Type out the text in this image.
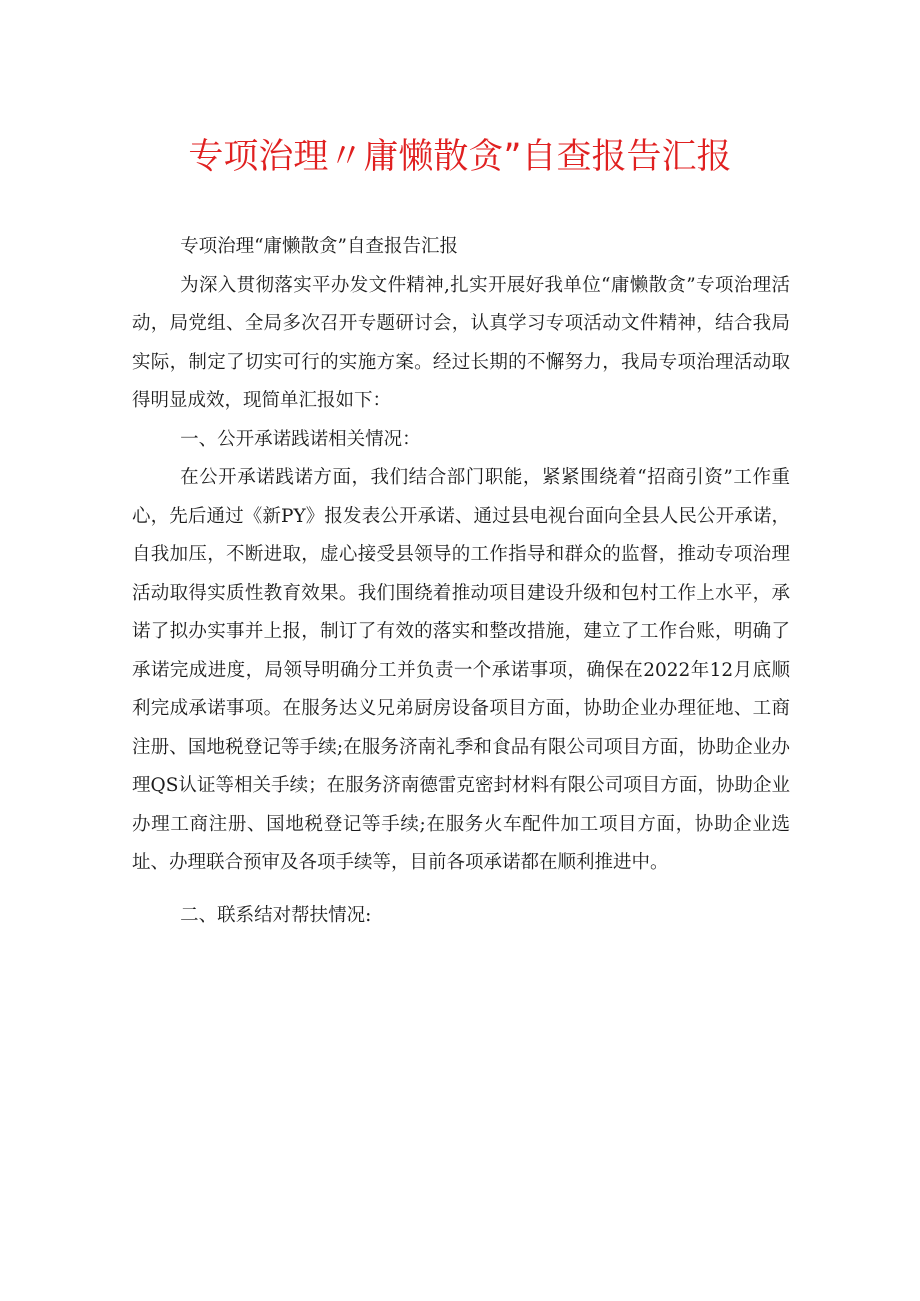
专项治理〃庸懒散贪”自查报告汇报

专项治理“庸懒散贪”自查报告汇报

为深入贯彻落实平办发文件精神,扎实开展好我单位“庸懒散贪”专项治理活动，局党组、全局多次召开专题研讨会，认真学习专项活动文件精神，结合我局实际，制定了切实可行的实施方案。经过长期的不懈努力，我局专项治理活动取得明显成效，现简单汇报如下：

一、公开承诺践诺相关情况：

在公开承诺践诺方面，我们结合部门职能，紧紧围绕着“招商引资”工作重心，先后通过《新PY》报发表公开承诺、通过县电视台面向全县人民公开承诺，自我加压，不断进取，虚心接受县领导的工作指导和群众的监督，推动专项治理活动取得实质性教育效果。我们围绕着推动项目建设升级和包村工作上水平，承诺了拟办实事并上报，制订了有效的落实和整改措施，建立了工作台账，明确了承诺完成进度，局领导明确分工并负责一个承诺事项，确保在2022年12月底顺利完成承诺事项。在服务达义兄弟厨房设备项目方面，协助企业办理征地、工商注册、国地税登记等手续;在服务济南礼季和食品有限公司项目方面，协助企业办理QS认证等相关手续；在服务济南德雷克密封材料有限公司项目方面，协助企业办理工商注册、国地税登记等手续;在服务火车配件加工项目方面，协助企业选址、办理联合预审及各项手续等，目前各项承诺都在顺利推进中。

二、联系结对帮扶情况:
